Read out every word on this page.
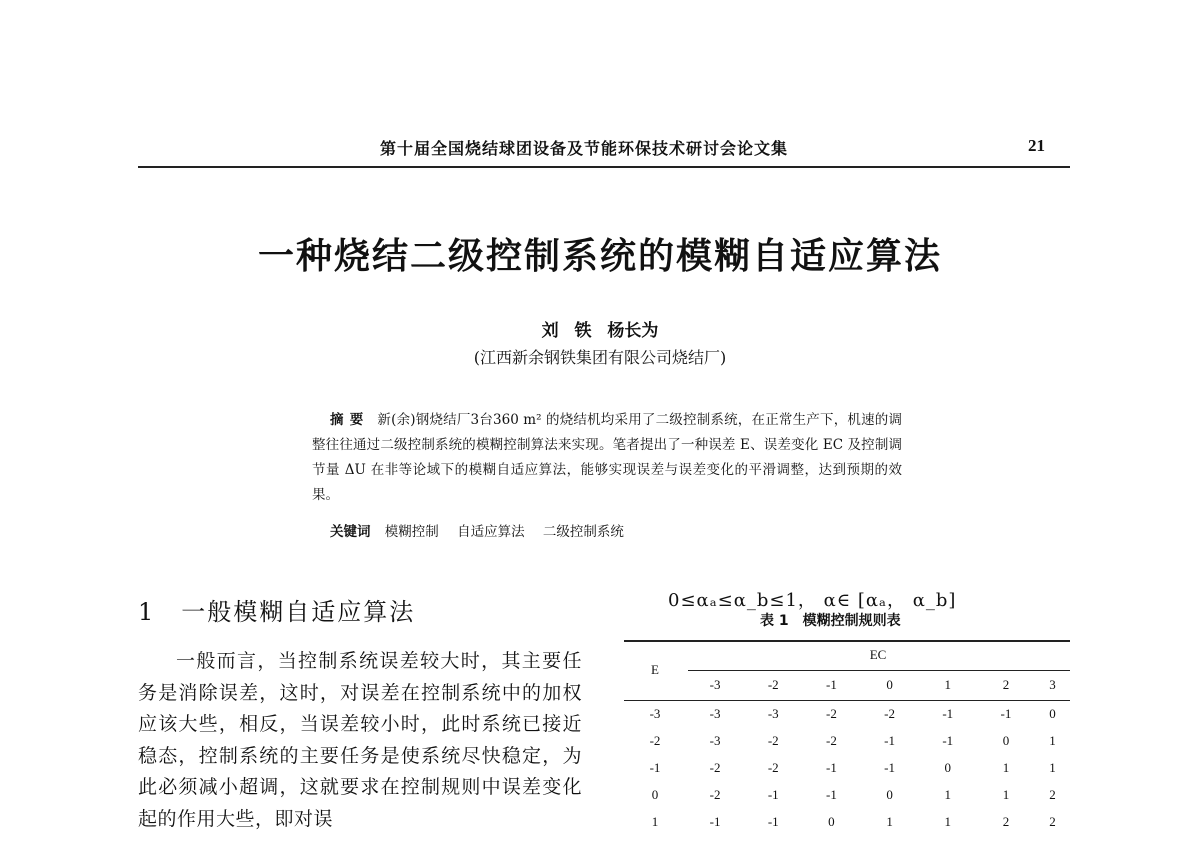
第十届全国烧结球团设备及节能环保技术研讨会论文集	21
一种烧结二级控制系统的模糊自适应算法
刘 铁 杨长为
(江西新余钢铁集团有限公司烧结厂)
摘要 新(余)钢烧结厂3台360 m² 的烧结机均采用了二级控制系统，在正常生产下，机速的调整往往通过二级控制系统的模糊控制算法来实现。笔者提出了一种误差 E、误差变化 EC 及控制调节量 ΔU 在非等论域下的模糊自适应算法，能够实现误差与误差变化的平滑调整，达到预期的效果。
关键词 模糊控制 自适应算法 二级控制系统
1 一般模糊自适应算法
一般而言，当控制系统误差较大时，其主要任务是消除误差，这时，对误差在控制系统中的加权应该大些，相反，当误差较小时，此时系统已接近稳态，控制系统的主要任务是使系统尽快稳定，为此必须减小超调，这就要求在控制规则中误差变化起的作用大些，即对误
0≤αₐ≤α_b≤1， α∈ [αₐ， α_b]
表 1 模糊控制规则表
E	EC						
	-3	-2	-1	0	1	2	3
-3	-3	-3	-2	-2	-1	-1	0
-2	-3	-2	-2	-1	-1	0	1
-1	-2	-2	-1	-1	0	1	1
0	-2	-1	-1	0	1	1	2
1	-1	-1	0	1	1	2	2
